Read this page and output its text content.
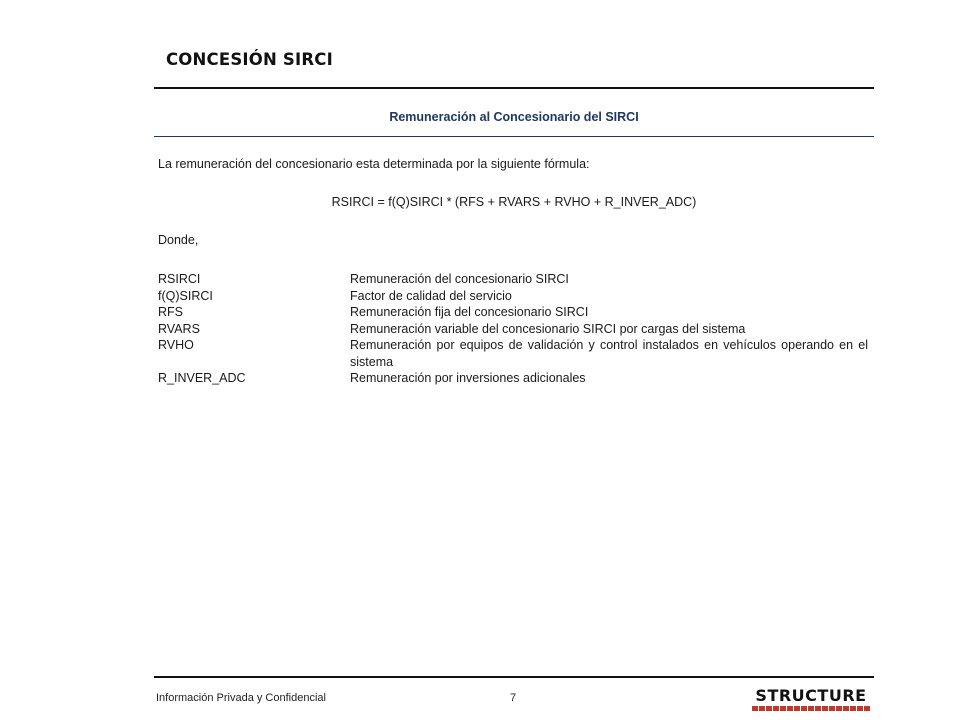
CONCESIÓN SIRCI
Remuneración al Concesionario del SIRCI
La remuneración del concesionario esta determinada por la siguiente fórmula:
RSIRCI = f(Q)SIRCI * (RFS + RVARS + RVHO + R_INVER_ADC)
Donde,
RSIRCI	Remuneración del concesionario SIRCI
f(Q)SIRCI	Factor de calidad del servicio
RFS	Remuneración fija del concesionario SIRCI
RVARS	Remuneración variable del concesionario SIRCI por cargas del sistema
RVHO	Remuneración por equipos de validación y control instalados en vehículos operando en el sistema
R_INVER_ADC	Remuneración por inversiones adicionales
Información Privada y Confidencial	7	STRUCTURE
